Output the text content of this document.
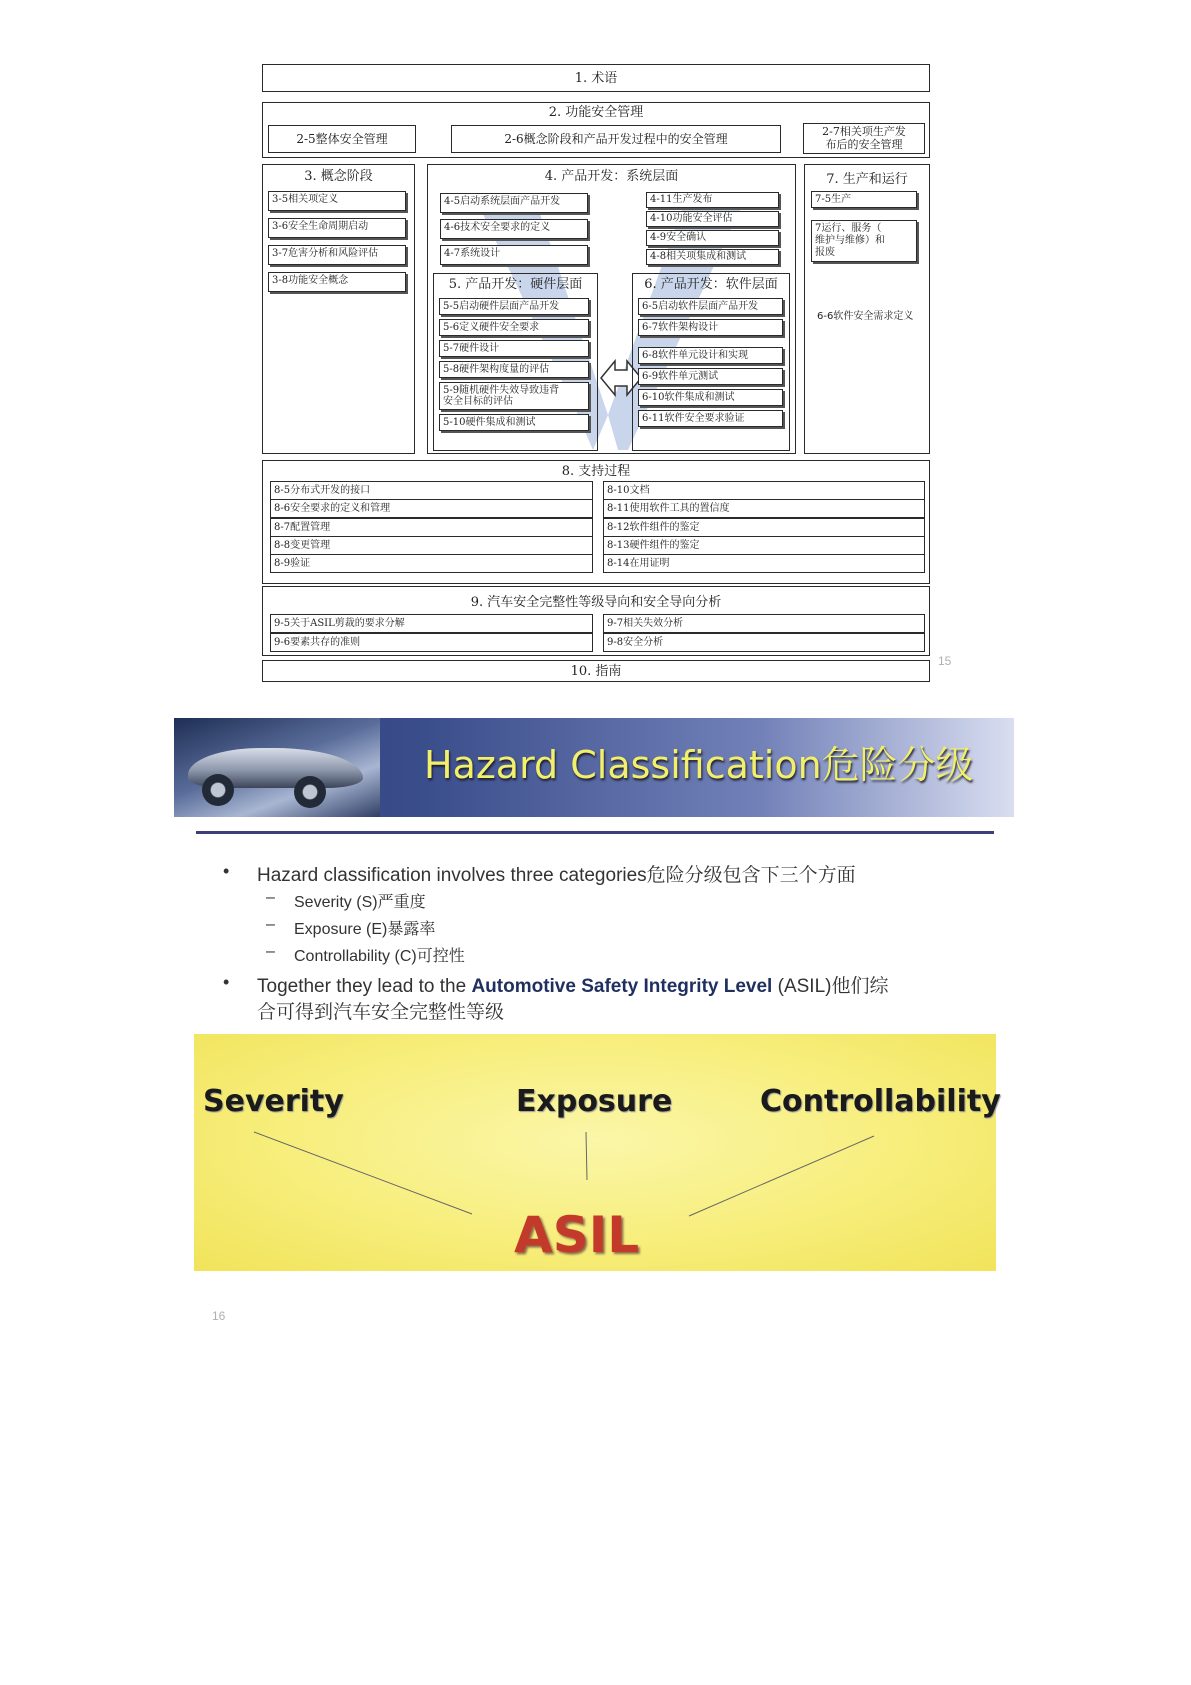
1. 术语
2. 功能安全管理
2-5整体安全管理	2-6概念阶段和产品开发过程中的安全管理
2-7相关项生产发
布后的安全管理
3. 概念阶段
3-5相关项定义
3-6安全生命周期启动
3-7危害分析和风险评估
3-8功能安全概念
4. 产品开发：系统层面
4-5启动系统层面产品开发
4-6技术安全要求的定义
4-7系统设计
4-11生产发布
4-10功能安全评估
4-9安全确认
4-8相关项集成和测试
5. 产品开发：硬件层面
5-5启动硬件层面产品开发
5-6定义硬件安全要求
5-7硬件设计
5-8硬件架构度量的评估
5-9随机硬件失效导致违背
安全目标的评估
5-10硬件集成和测试
6. 产品开发：软件层面
6-5启动软件层面产品开发
6-7软件架构设计
6-8软件单元设计和实现
6-9软件单元测试
6-10软件集成和测试
6-11软件安全要求验证
7. 生产和运行
7-5生产
7运行、服务（
维护与维修）和
报废
6-6软件安全需求定义
8. 支持过程
8-5分布式开发的接口
8-6安全要求的定义和管理
8-7配置管理
8-8变更管理
8-9验证
8-10文档
8-11使用软件工具的置信度
8-12软件组件的鉴定
8-13硬件组件的鉴定
8-14在用证明
9. 汽车安全完整性等级导向和安全导向分析
9-5关于ASIL剪裁的要求分解
9-6要素共存的准则
9-7相关失效分析
9-8安全分析
15
10. 指南
Hazard Classification危险分级
• Hazard classification involves three categories危险分级包含下三个方面
– Severity (S)严重度
– Exposure (E)暴露率
– Controllability (C)可控性
• Together they lead to the Automotive Safety Integrity Level (ASIL)他们综
合可得到汽车安全完整性等级
Severity	Exposure	Controllability
ASIL
16
